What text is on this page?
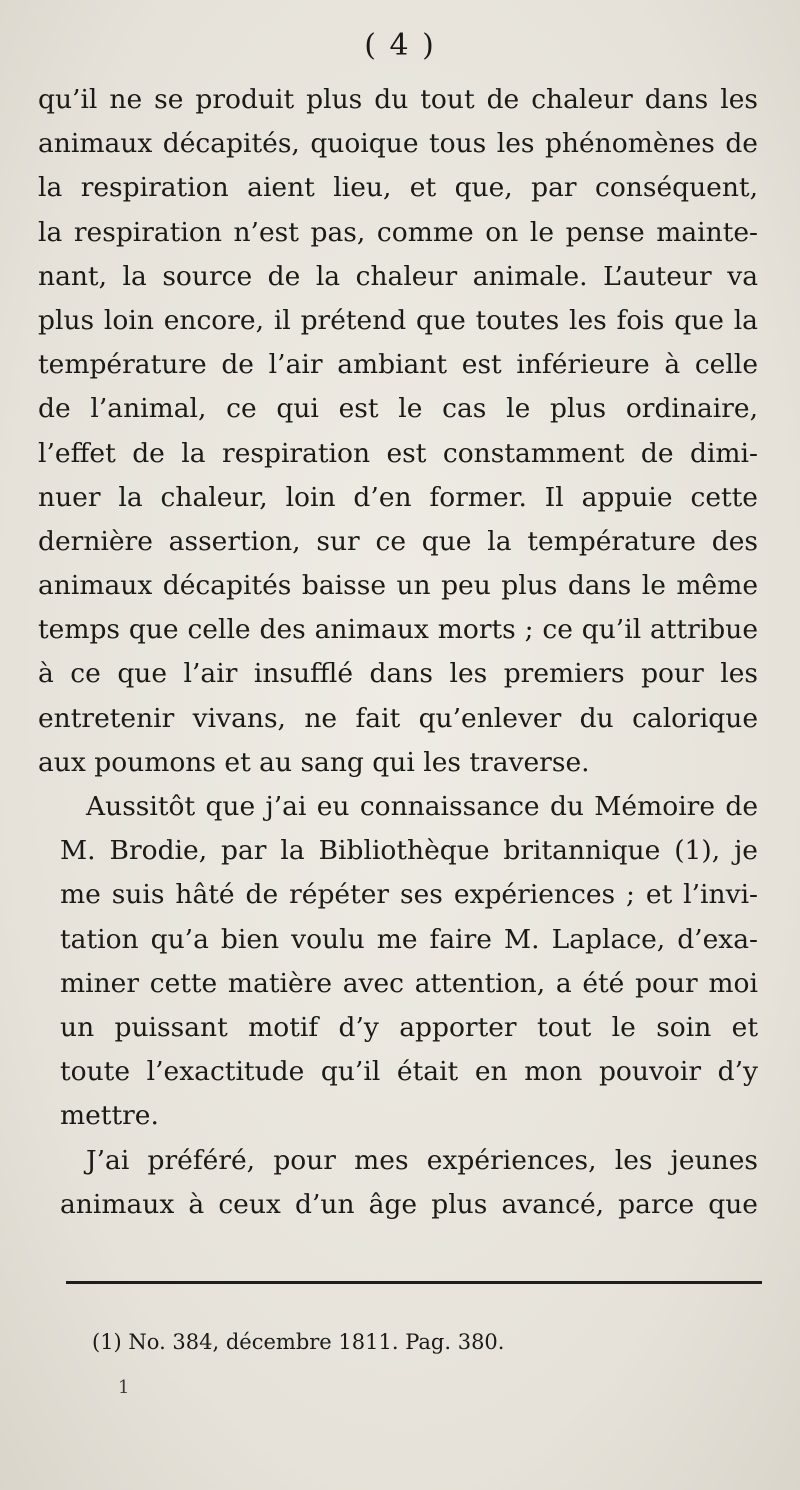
( 4 )
qu’il ne se produit plus du tout de chaleur dans les
animaux décapités, quoique tous les phénomènes de
la respiration aient lieu, et que, par conséquent,
la respiration n’est pas, comme on le pense mainte-
nant, la source de la chaleur animale. L’auteur va
plus loin encore, il prétend que toutes les fois que la
température de l’air ambiant est inférieure à celle
de l’animal, ce qui est le cas le plus ordinaire,
l’effet de la respiration est constamment de dimi-
nuer la chaleur, loin d’en former. Il appuie cette
dernière assertion, sur ce que la température des
animaux décapités baisse un peu plus dans le même
temps que celle des animaux morts ; ce qu’il attribue
à ce que l’air insufflé dans les premiers pour les
entretenir vivans, ne fait qu’enlever du calorique
aux poumons et au sang qui les traverse.
Aussitôt que j’ai eu connaissance du Mémoire de
M. Brodie, par la Bibliothèque britannique (1), je
me suis hâté de répéter ses expériences ; et l’invi-
tation qu’a bien voulu me faire M. Laplace, d’exa-
miner cette matière avec attention, a été pour moi
un puissant motif d’y apporter tout le soin et
toute l’exactitude qu’il était en mon pouvoir d’y
mettre.
J’ai préféré, pour mes expériences, les jeunes
animaux à ceux d’un âge plus avancé, parce que
(1) No. 384, décembre 1811. Pag. 380.
1
